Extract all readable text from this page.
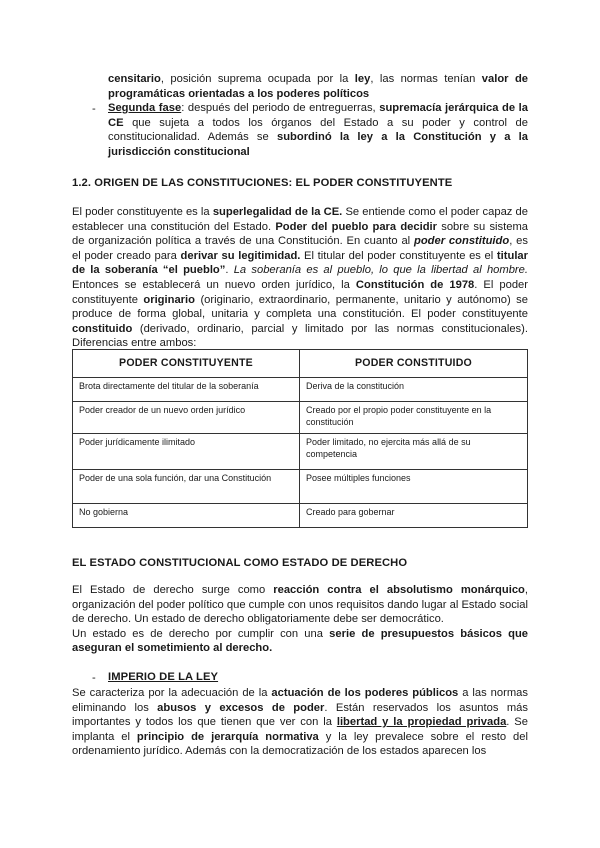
censitario, posición suprema ocupada por la ley, las normas tenían valor de programáticas orientadas a los poderes políticos
- Segunda fase: después del periodo de entreguerras, supremacía jerárquica de la CE que sujeta a todos los órganos del Estado a su poder y control de constitucionalidad. Además se subordinó la ley a la Constitución y a la jurisdicción constitucional
1.2. ORIGEN DE LAS CONSTITUCIONES: EL PODER CONSTITUYENTE
El poder constituyente es la superlegalidad de la CE. Se entiende como el poder capaz de establecer una constitución del Estado. Poder del pueblo para decidir sobre su sistema de organización política a través de una Constitución. En cuanto al poder constituido, es el poder creado para derivar su legitimidad. El titular del poder constituyente es el titular de la soberanía “el pueblo”. La soberanía es al pueblo, lo que la libertad al hombre. Entonces se establecerá un nuevo orden jurídico, la Constitución de 1978. El poder constituyente originario (originario, extraordinario, permanente, unitario y autónomo) se produce de forma global, unitaria y completa una constitución. El poder constituyente constituido (derivado, ordinario, parcial y limitado por las normas constitucionales). Diferencias entre ambos:
PODER CONSTITUYENTE	PODER CONSTITUIDO
Brota directamente del titular de la soberanía	Deriva de la constitución
Poder creador de un nuevo orden jurídico	Creado por el propio poder constituyente en la constitución
Poder jurídicamente ilimitado	Poder limitado, no ejercita más allá de su competencia
Poder de una sola función, dar una Constitución	Posee múltiples funciones
No gobierna	Creado para gobernar
EL ESTADO CONSTITUCIONAL COMO ESTADO DE DERECHO
El Estado de derecho surge como reacción contra el absolutismo monárquico, organización del poder político que cumple con unos requisitos dando lugar al Estado social de derecho. Un estado de derecho obligatoriamente debe ser democrático.
Un estado es de derecho por cumplir con una serie de presupuestos básicos que aseguran el sometimiento al derecho.
- IMPERIO DE LA LEY
Se caracteriza por la adecuación de la actuación de los poderes públicos a las normas eliminando los abusos y excesos de poder. Están reservados los asuntos más importantes y todos los que tienen que ver con la libertad y la propiedad privada. Se implanta el principio de jerarquía normativa y la ley prevalece sobre el resto del ordenamiento jurídico. Además con la democratización de los estados aparecen los
